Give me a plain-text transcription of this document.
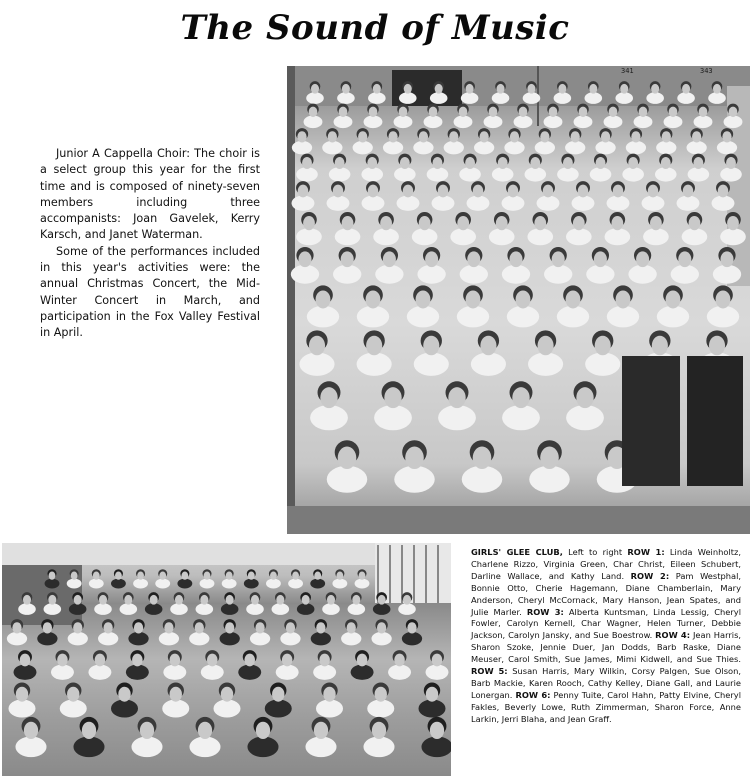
The Sound of Music

Junior A Cappella Choir: The choir is a select group this year for the first time and is composed of ninety-seven members including three accompanists: Joan Gavelek, Kerry Karsch, and Janet Waterman.

Some of the performances included in this year's activities were: the annual Christmas Concert, the Mid-Winter Concert in March, and participation in the Fox Valley Festival in April.

341	343
GIRLS' GLEE CLUB, Left to right ROW 1: Linda Weinholtz, Charlene Rizzo, Virginia Green, Char Christ, Eileen Schubert, Darline Wallace, and Kathy Land. ROW 2: Pam Westphal, Bonnie Otto, Cherie Hagemann, Diane Chamberlain, Mary Anderson, Cheryl McCornack, Mary Hanson, Jean Spates, and Julie Marler. ROW 3: Alberta Kuntsman, Linda Lessig, Cheryl Fowler, Carolyn Kernell, Char Wagner, Helen Turner, Debbie Jackson, Carolyn Jansky, and Sue Boestrow. ROW 4: Jean Harris, Sharon Szoke, Jennie Duer, Jan Dodds, Barb Raske, Diane Meuser, Carol Smith, Sue James, Mimi Kidwell, and Sue Thies. ROW 5: Susan Harris, Mary Wilkin, Corsy Palgen, Sue Olson, Barb Mackie, Karen Rooch, Cathy Kelley, Diane Gall, and Laurie Lonergan. ROW 6: Penny Tuite, Carol Hahn, Patty Elvine, Cheryl Fakles, Beverly Lowe, Ruth Zimmerman, Sharon Force, Anne Larkin, Jerri Blaha, and Jean Graff.
